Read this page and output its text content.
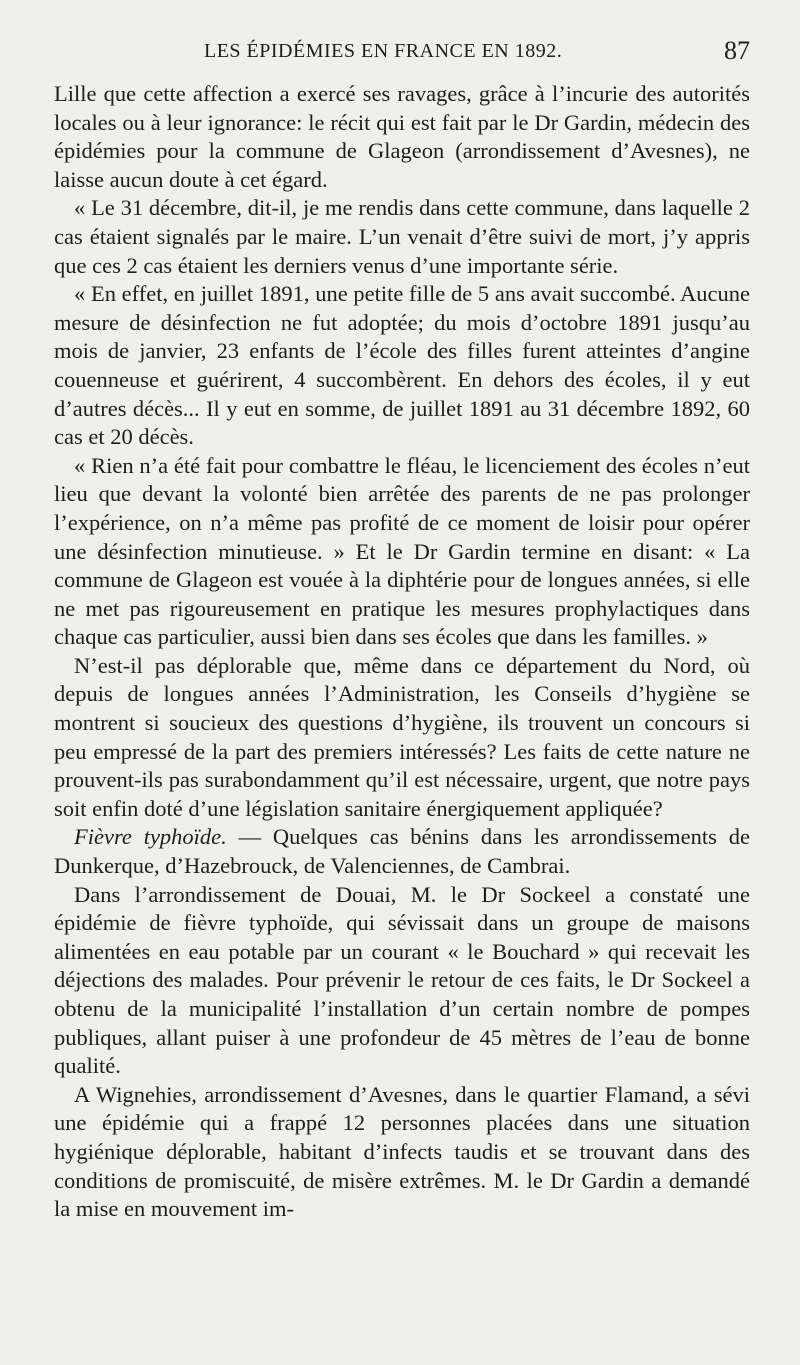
LES ÉPIDÉMIES EN FRANCE EN 1892.	87

Lille que cette affection a exercé ses ravages, grâce à l’incurie des autorités locales ou à leur ignorance: le récit qui est fait par le Dr Gardin, médecin des épidémies pour la commune de Glageon (arrondissement d’Avesnes), ne laisse aucun doute à cet égard.

« Le 31 décembre, dit-il, je me rendis dans cette commune, dans laquelle 2 cas étaient signalés par le maire. L’un venait d’être suivi de mort, j’y appris que ces 2 cas étaient les derniers venus d’une importante série.

« En effet, en juillet 1891, une petite fille de 5 ans avait succombé. Aucune mesure de désinfection ne fut adoptée; du mois d’octobre 1891 jusqu’au mois de janvier, 23 enfants de l’école des filles furent atteintes d’angine couenneuse et guérirent, 4 succombèrent. En dehors des écoles, il y eut d’autres décès... Il y eut en somme, de juillet 1891 au 31 décembre 1892, 60 cas et 20 décès.

« Rien n’a été fait pour combattre le fléau, le licenciement des écoles n’eut lieu que devant la volonté bien arrêtée des parents de ne pas prolonger l’expérience, on n’a même pas profité de ce moment de loisir pour opérer une désinfection minutieuse. » Et le Dr Gardin termine en disant: « La commune de Glageon est vouée à la diphtérie pour de longues années, si elle ne met pas rigoureusement en pratique les mesures prophylactiques dans chaque cas particulier, aussi bien dans ses écoles que dans les familles. »

N’est-il pas déplorable que, même dans ce département du Nord, où depuis de longues années l’Administration, les Conseils d’hygiène se montrent si soucieux des questions d’hygiène, ils trouvent un concours si peu empressé de la part des premiers intéressés? Les faits de cette nature ne prouvent-ils pas surabondamment qu’il est nécessaire, urgent, que notre pays soit enfin doté d’une législation sanitaire énergiquement appliquée?

Fièvre typhoïde. — Quelques cas bénins dans les arrondissements de Dunkerque, d’Hazebrouck, de Valenciennes, de Cambrai.

Dans l’arrondissement de Douai, M. le Dr Sockeel a constaté une épidémie de fièvre typhoïde, qui sévissait dans un groupe de maisons alimentées en eau potable par un courant « le Bouchard » qui recevait les déjections des malades. Pour prévenir le retour de ces faits, le Dr Sockeel a obtenu de la municipalité l’installation d’un certain nombre de pompes publiques, allant puiser à une profondeur de 45 mètres de l’eau de bonne qualité.

A Wignehies, arrondissement d’Avesnes, dans le quartier Flamand, a sévi une épidémie qui a frappé 12 personnes placées dans une situation hygiénique déplorable, habitant d’infects taudis et se trouvant dans des conditions de promiscuité, de misère extrêmes. M. le Dr Gardin a demandé la mise en mouvement im-
